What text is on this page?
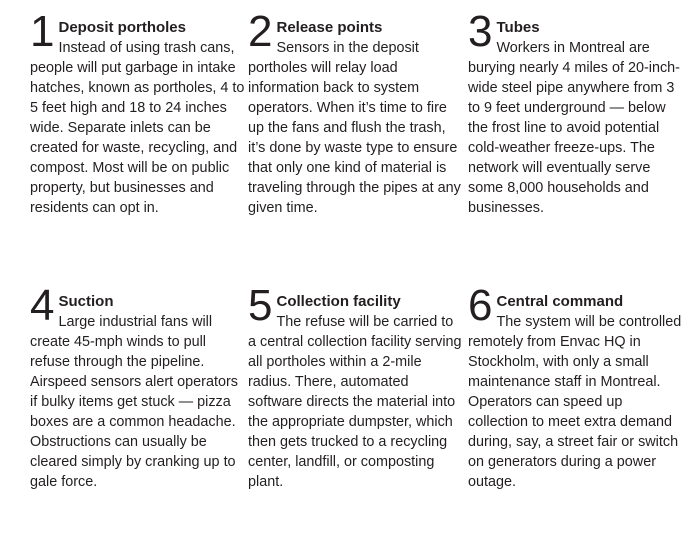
1 Deposit portholes

Instead of using trash cans, people will put garbage in intake hatches, known as portholes, 4 to 5 feet high and 18 to 24 inches wide. Separate inlets can be created for waste, recycling, and compost. Most will be on public property, but businesses and residents can opt in.

2 Release points

Sensors in the deposit portholes will relay load information back to system operators. When it’s time to fire up the fans and flush the trash, it’s done by waste type to ensure that only one kind of material is traveling through the pipes at any given time.

3 Tubes

Workers in Montreal are burying nearly 4 miles of 20-inch-wide steel pipe anywhere from 3 to 9 feet underground — below the frost line to avoid potential cold-weather freeze-ups. The network will eventually serve some 8,000 households and businesses.

4 Suction

Large industrial fans will create 45-mph winds to pull refuse through the pipeline. Airspeed sensors alert operators if bulky items get stuck — pizza boxes are a common headache. Obstructions can usually be cleared simply by cranking up to gale force.

5 Collection facility

The refuse will be carried to a central collection facility serving all portholes within a 2-mile radius. There, automated software directs the material into the appropriate dumpster, which then gets trucked to a recycling center, landfill, or composting plant.

6 Central command

The system will be controlled remotely from Envac HQ in Stockholm, with only a small maintenance staff in Montreal. Operators can speed up collection to meet extra demand during, say, a street fair or switch on generators during a power outage.
